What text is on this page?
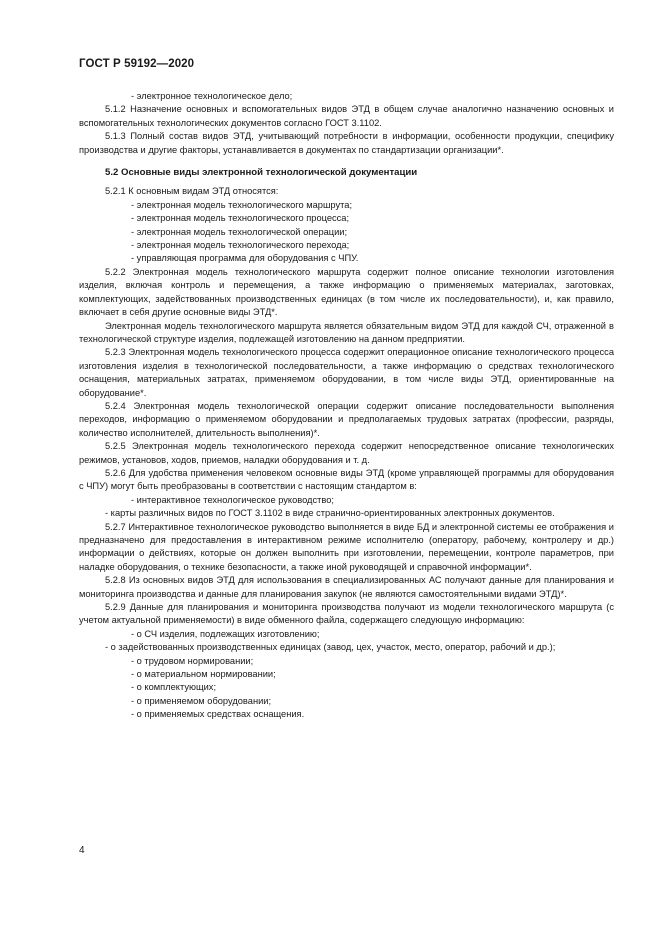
ГОСТ Р 59192—2020

- электронное технологическое дело;

5.1.2 Назначение основных и вспомогательных видов ЭТД в общем случае аналогично назначению основных и вспомогательных технологических документов согласно ГОСТ 3.1102.

5.1.3 Полный состав видов ЭТД, учитывающий потребности в информации, особенности продукции, специфику производства и другие факторы, устанавливается в документах по стандартизации организации*.

5.2 Основные виды электронной технологической документации

5.2.1 К основным видам ЭТД относятся:

- электронная модель технологического маршрута;

- электронная модель технологического процесса;

- электронная модель технологической операции;

- электронная модель технологического перехода;

- управляющая программа для оборудования с ЧПУ.

5.2.2 Электронная модель технологического маршрута содержит полное описание технологии изготовления изделия, включая контроль и перемещения, а также информацию о применяемых материалах, заготовках, комплектующих, задействованных производственных единицах (в том числе их последовательности), и, как правило, включает в себя другие основные виды ЭТД*.

Электронная модель технологического маршрута является обязательным видом ЭТД для каждой СЧ, отраженной в технологической структуре изделия, подлежащей изготовлению на данном предприятии.

5.2.3 Электронная модель технологического процесса содержит операционное описание технологического процесса изготовления изделия в технологической последовательности, а также информацию о средствах технологического оснащения, материальных затратах, применяемом оборудовании, в том числе виды ЭТД, ориентированные на оборудование*.

5.2.4 Электронная модель технологической операции содержит описание последовательности выполнения переходов, информацию о применяемом оборудовании и предполагаемых трудовых затратах (профессии, разряды, количество исполнителей, длительность выполнения)*.

5.2.5 Электронная модель технологического перехода содержит непосредственное описание технологических режимов, установов, ходов, приемов, наладки оборудования и т. д.

5.2.6 Для удобства применения человеком основные виды ЭТД (кроме управляющей программы для оборудования с ЧПУ) могут быть преобразованы в соответствии с настоящим стандартом в:

- интерактивное технологическое руководство;

- карты различных видов по ГОСТ 3.1102 в виде странично-ориентированных электронных документов.

5.2.7 Интерактивное технологическое руководство выполняется в виде БД и электронной системы ее отображения и предназначено для предоставления в интерактивном режиме исполнителю (оператору, рабочему, контролеру и др.) информации о действиях, которые он должен выполнить при изготовлении, перемещении, контроле параметров, при наладке оборудования, о технике безопасности, а также иной руководящей и справочной информации*.

5.2.8 Из основных видов ЭТД для использования в специализированных АС получают данные для планирования и мониторинга производства и данные для планирования закупок (не являются самостоятельными видами ЭТД)*.

5.2.9 Данные для планирования и мониторинга производства получают из модели технологического маршрута (с учетом актуальной применяемости) в виде обменного файла, содержащего следующую информацию:

- о СЧ изделия, подлежащих изготовлению;

- о задействованных производственных единицах (завод, цех, участок, место, оператор, рабочий и др.);

- о трудовом нормировании;

- о материальном нормировании;

- о комплектующих;

- о применяемом оборудовании;

- о применяемых средствах оснащения.

4
